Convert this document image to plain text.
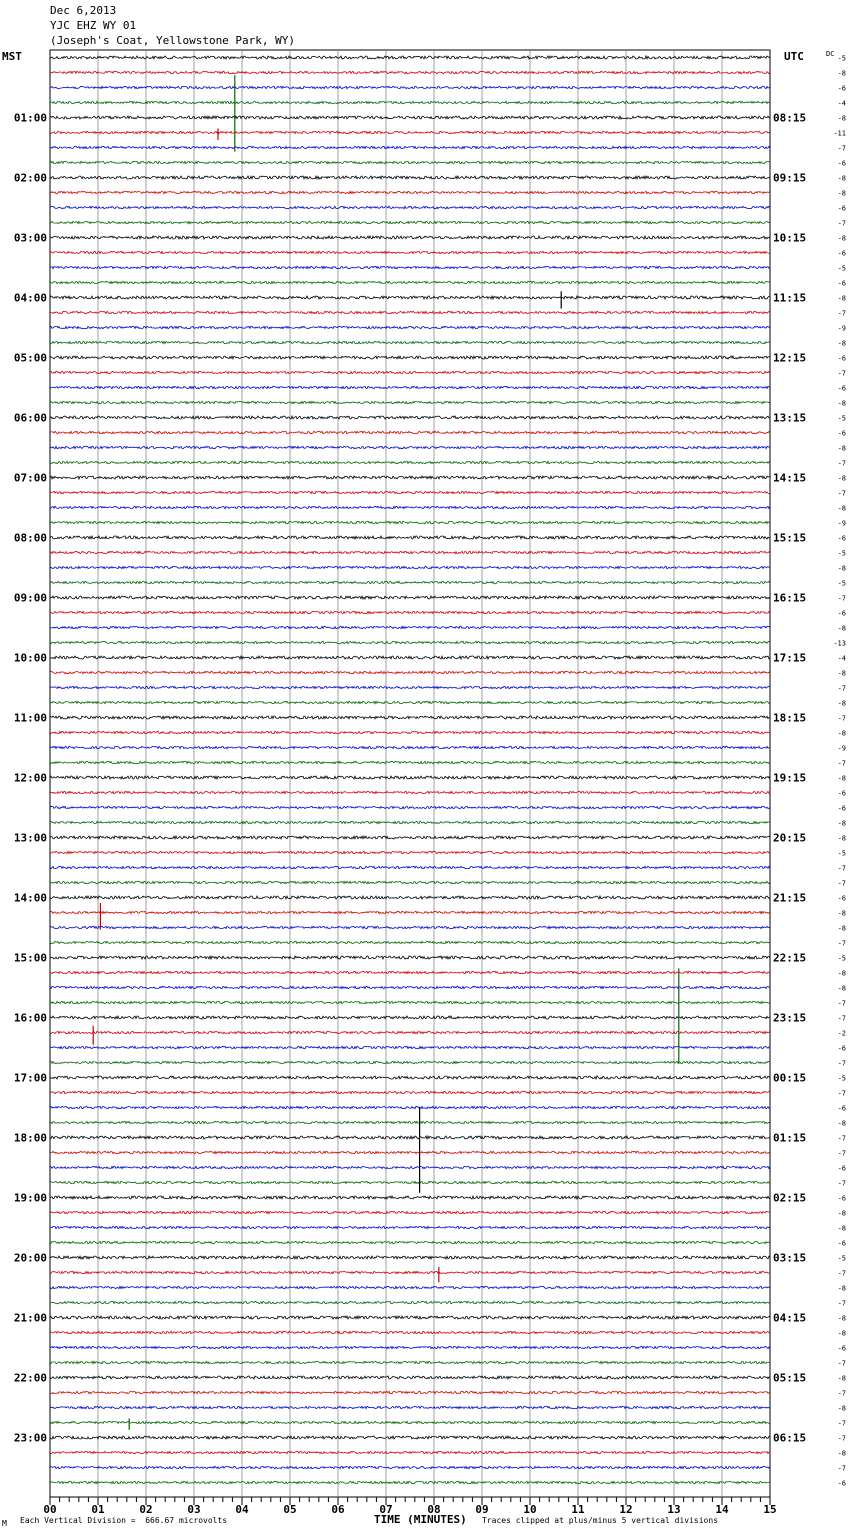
Dec 6,2013
YJC EHZ WY 01
(Joseph's Coat, Yellowstone Park, WY)
MST	UTC
01:00
02:00
03:00
04:00
05:00
06:00
07:00
08:00
09:00
10:00
11:00
12:00
13:00
14:00
15:00
16:00
17:00
18:00
19:00
20:00
21:00
22:00
23:00
08:15
09:15
10:15
11:15
12:15
13:15
14:15
15:15
16:15
17:15
18:15
19:15
20:15
21:15
22:15
23:15
00:15
01:15
02:15
03:15
04:15
05:15
06:15
DC
-5
-8
-6
-4
-8
-11
-7
-6
-8
-8
-6
-7
-8
-6
-5
-6
-8
-7
-9
-8
-6
-7
-6
-8
-5
-6
-8
-7
-8
-7
-8
-9
-6
-5
-8
-5
-7
-6
-8
-13
-4
-8
-7
-8
-7
-8
-9
-7
-8
-6
-6
-8
-8
-5
-7
-7
-6
-8
-8
-7
-5
-8
-8
-7
-7
-2
-6
-7
-5
-7
-6
-8
-7
-7
-6
-7
-6
-8
-8
-6
-5
-7
-8
-7
-8
-8
-6
-7
-8
-7
-8
-7
-7
-8
-7
-6
00	01	02	03	04	05	06	07	08	09	10	11	12	13	14	15
M Each Vertical Division =  666.67 microvolts	TIME (MINUTES) Traces clipped at plus/minus 5 vertical divisions
